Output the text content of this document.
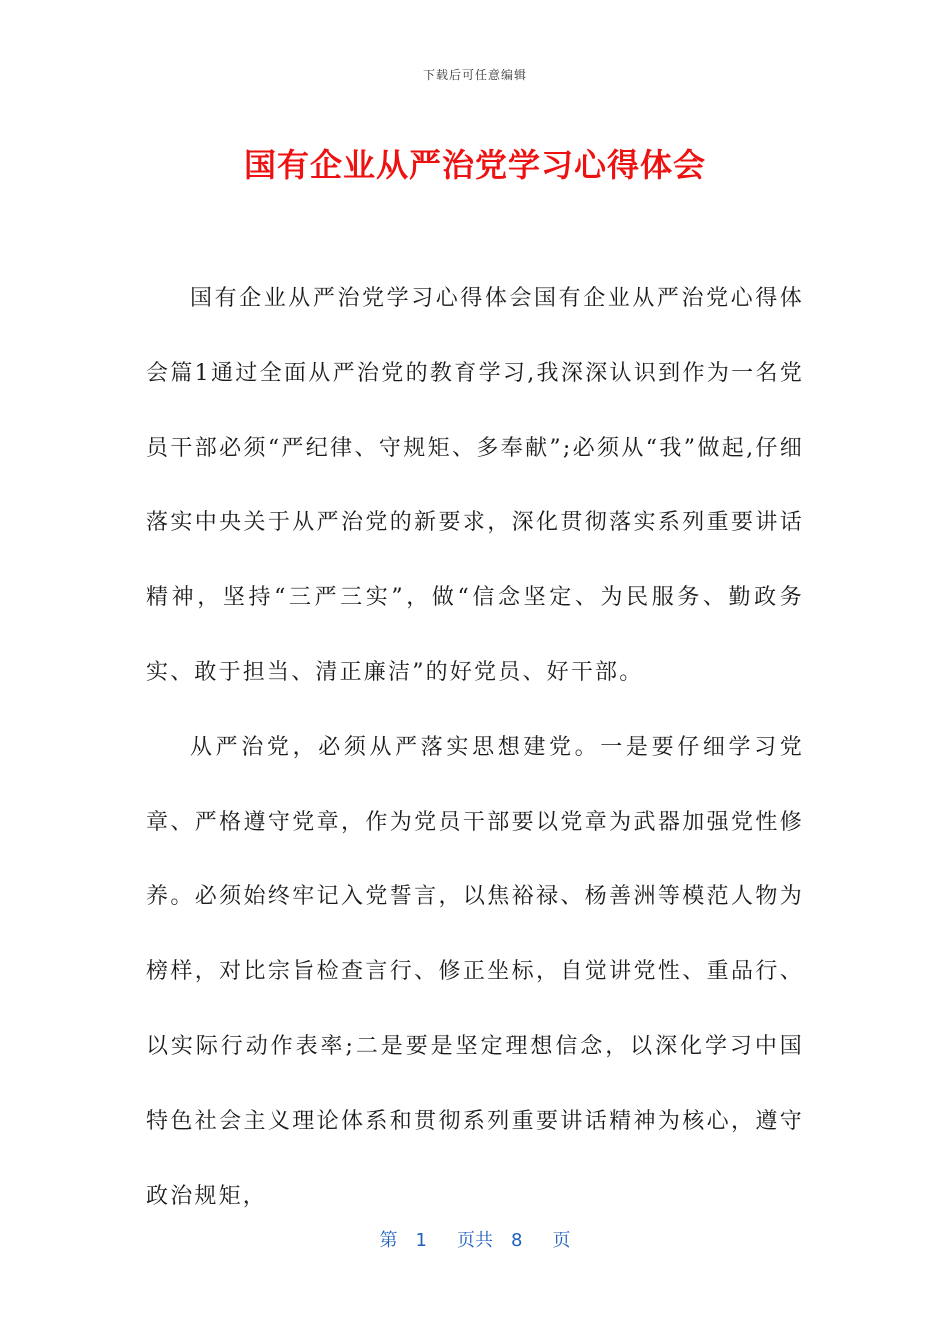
下载后可任意编辑
国有企业从严治党学习心得体会

国有企业从严治党学习心得体会国有企业从严治党心得体会篇1通过全面从严治党的教育学习,我深深认识到作为一名党员干部必须“严纪律、守规矩、多奉献”;必须从“我”做起,仔细落实中央关于从严治党的新要求，深化贯彻落实系列重要讲话精神，坚持“三严三实”，做“信念坚定、为民服务、勤政务实、敢于担当、清正廉洁”的好党员、好干部。

从严治党，必须从严落实思想建党。一是要仔细学习党章、严格遵守党章，作为党员干部要以党章为武器加强党性修养。必须始终牢记入党誓言，以焦裕禄、杨善洲等模范人物为榜样，对比宗旨检查言行、修正坐标，自觉讲党性、重品行、以实际行动作表率;二是要是坚定理想信念，以深化学习中国特色社会主义理论体系和贯彻系列重要讲话精神为核心，遵守政治规矩，

第 1 页共 8 页
